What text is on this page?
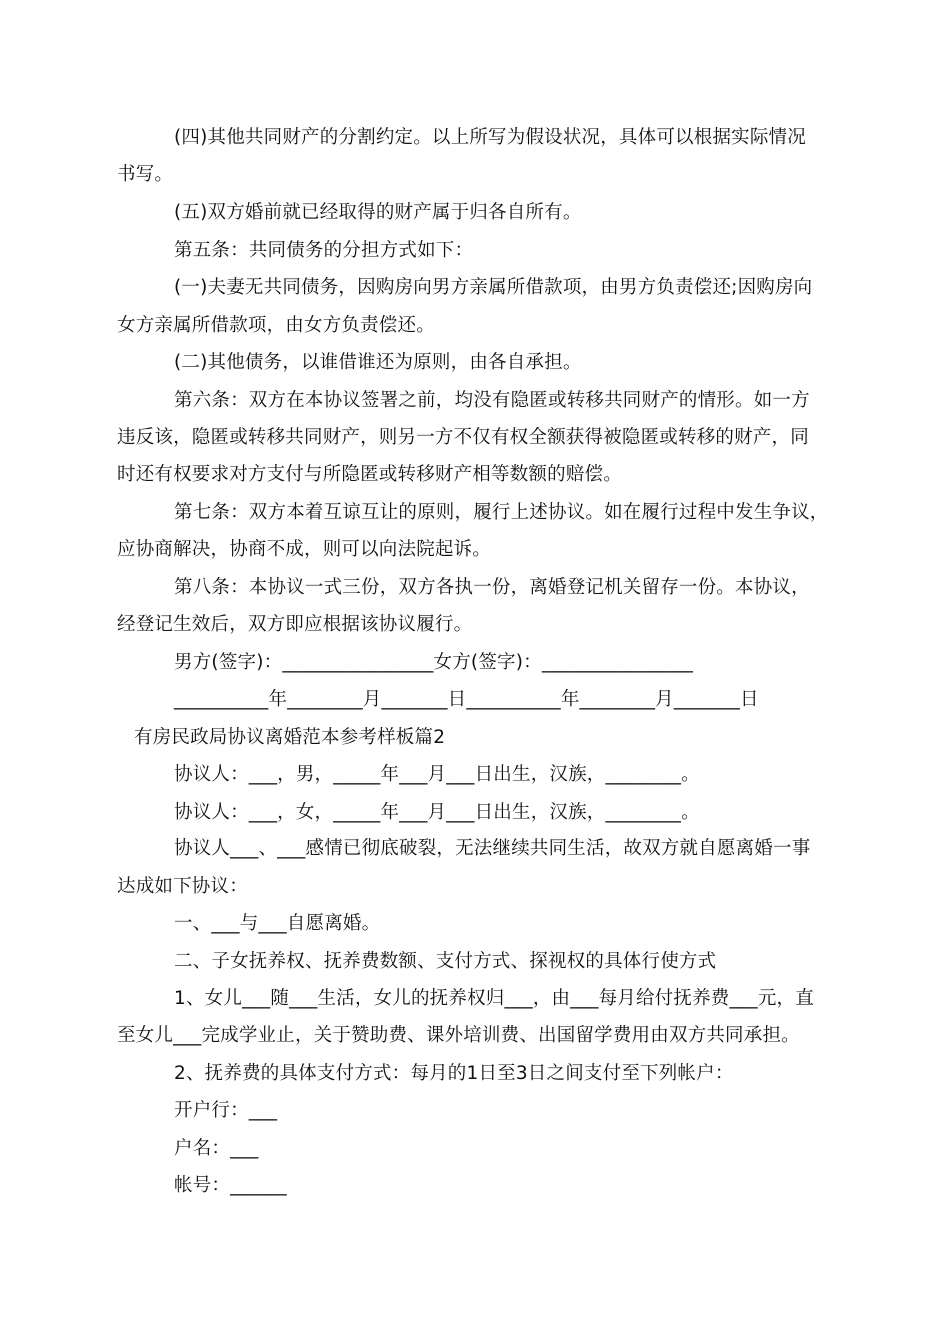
(四)其他共同财产的分割约定。以上所写为假设状况，具体可以根据实际情况
书写。
(五)双方婚前就已经取得的财产属于归各自所有。
第五条：共同债务的分担方式如下：
(一)夫妻无共同债务，因购房向男方亲属所借款项，由男方负责偿还;因购房向
女方亲属所借款项，由女方负责偿还。
(二)其他债务，以谁借谁还为原则，由各自承担。
第六条：双方在本协议签署之前，均没有隐匿或转移共同财产的情形。如一方
违反该，隐匿或转移共同财产，则另一方不仅有权全额获得被隐匿或转移的财产，同
时还有权要求对方支付与所隐匿或转移财产相等数额的赔偿。
第七条：双方本着互谅互让的原则，履行上述协议。如在履行过程中发生争议，
应协商解决，协商不成，则可以向法院起诉。
第八条：本协议一式三份，双方各执一份，离婚登记机关留存一份。本协议，
经登记生效后，双方即应根据该协议履行。
男方(签字)：________________女方(签字)：________________
__________年________月_______日__________年________月_______日
有房民政局协议离婚范本参考样板篇2
协议人：___，男，_____年___月___日出生，汉族，________。
协议人：___，女，_____年___月___日出生，汉族，________。
协议人___、___感情已彻底破裂，无法继续共同生活，故双方就自愿离婚一事
达成如下协议：
一、___与___自愿离婚。
二、子女抚养权、抚养费数额、支付方式、探视权的具体行使方式
1、女儿___随___生活，女儿的抚养权归___，由___每月给付抚养费___元，直
至女儿___完成学业止，关于赞助费、课外培训费、出国留学费用由双方共同承担。
2、抚养费的具体支付方式：每月的1日至3日之间支付至下列帐户：
开户行：___
户名：___
帐号：______
